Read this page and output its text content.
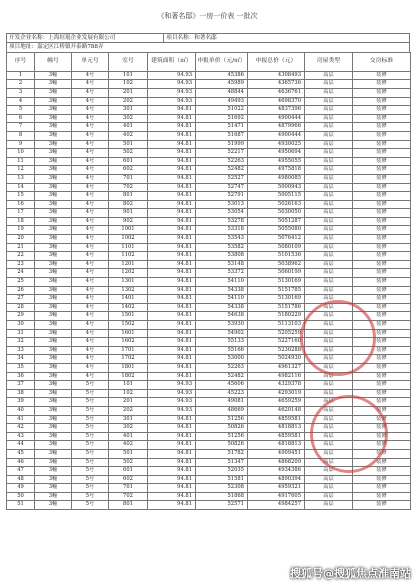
《和著名邸》一房一价表 一批次
开发企业名称：上海垣琨企业发展有限公司	项目名称：和著名邸
项目地址：嘉定区江桥镇开泰路788弄
序号	幢号	单元号	室号	建筑面积（㎡）	申报单价（元/㎡）	申报总价（元）	房屋类型	交房标准
1	3幢	4号	101	94.93	45386	4308493	高层	装修
2	3幢	4号	102	94.93	45989	4365736	高层	装修
3	3幢	4号	201	94.93	48844	4636761	高层	装修
4	3幢	4号	202	94.93	49493	4698370	高层	装修
5	3幢	4号	301	94.81	51022	4837396	高层	装修
6	3幢	4号	302	94.81	51692	4900444	高层	装修
7	3幢	4号	401	94.81	51471	4879966	高层	装修
8	3幢	4号	402	94.81	51687	4900444	高层	装修
9	3幢	4号	501	94.81	51999	4930025	高层	装修
10	3幢	4号	502	94.81	52217	4950694	高层	装修
11	3幢	4号	601	94.81	52263	4955055	高层	装修
12	3幢	4号	602	94.81	52482	4975818	高层	装修
13	3幢	4号	701	94.81	52527	4980085	高层	装修
14	3幢	4号	702	94.81	52747	5000943	高层	装修
15	3幢	4号	801	94.81	52791	5005115	高层	装修
16	3幢	4号	802	94.81	53013	5026163	高层	装修
17	3幢	4号	901	94.81	53054	5030050	高层	装修
18	3幢	4号	902	94.81	53278	5051287	高层	装修
19	3幢	4号	1001	94.81	53318	5055080	高层	装修
20	3幢	4号	1002	94.81	53543	5076412	高层	装修
21	3幢	4号	1101	94.81	53582	5080109	高层	装修
22	3幢	4号	1102	94.81	53808	5101536	高层	装修
23	3幢	4号	1201	94.81	53148	5038962	高层	装修
24	3幢	4号	1202	94.81	53372	5060199	高层	装修
25	3幢	4号	1301	94.81	54110	5130169	高层	装修
26	3幢	4号	1302	94.81	54338	5151785	高层	装修
27	3幢	4号	1401	94.81	54110	5130169	高层	装修
28	3幢	4号	1402	94.81	54338	5151786	高层	装修
29	3幢	4号	1501	94.81	54638	5180229	高层	装修
30	3幢	4号	1502	94.81	53930	5113103	高层	装修
31	3幢	4号	1601	94.81	54902	5205259	高层	装修
32	3幢	4号	1602	94.81	55133	5227160	高层	装修
33	3幢	4号	1701	94.81	55166	5230288	高层	装修
34	3幢	4号	1702	94.81	53000	5024930	高层	装修
35	3幢	4号	1801	94.81	52263	4961327	高层	装修
36	3幢	4号	1802	94.81	52482	4982116	高层	装修
37	3幢	5号	101	94.93	45606	4329378	高层	装修
38	3幢	5号	102	94.93	45223	4293019	高层	装修
39	3幢	5号	201	94.93	49081	4659259	高层	装修
40	3幢	5号	202	94.93	48669	4620148	高层	装修
41	3幢	5号	301	94.81	51256	4859581	高层	装修
42	3幢	5号	302	94.81	50826	4818813	高层	装修
43	3幢	5号	401	94.81	51256	4859581	高层	装修
44	3幢	5号	402	94.81	50826	4818813	高层	装修
45	3幢	5号	501	94.81	51782	4909451	高层	装修
46	3幢	5号	502	94.81	51347	4868209	高层	装修
47	3幢	5号	601	94.81	52035	4934386	高层	装修
48	3幢	5号	602	94.81	51581	4890394	高层	装修
49	3幢	5号	701	94.81	52308	4959321	高层	装修
50	3幢	5号	702	94.81	51868	4917605	高层	装修
51	3幢	5号	801	94.81	52571	4984257	高层	装修
搜狐号@搜狐焦点淮南站
